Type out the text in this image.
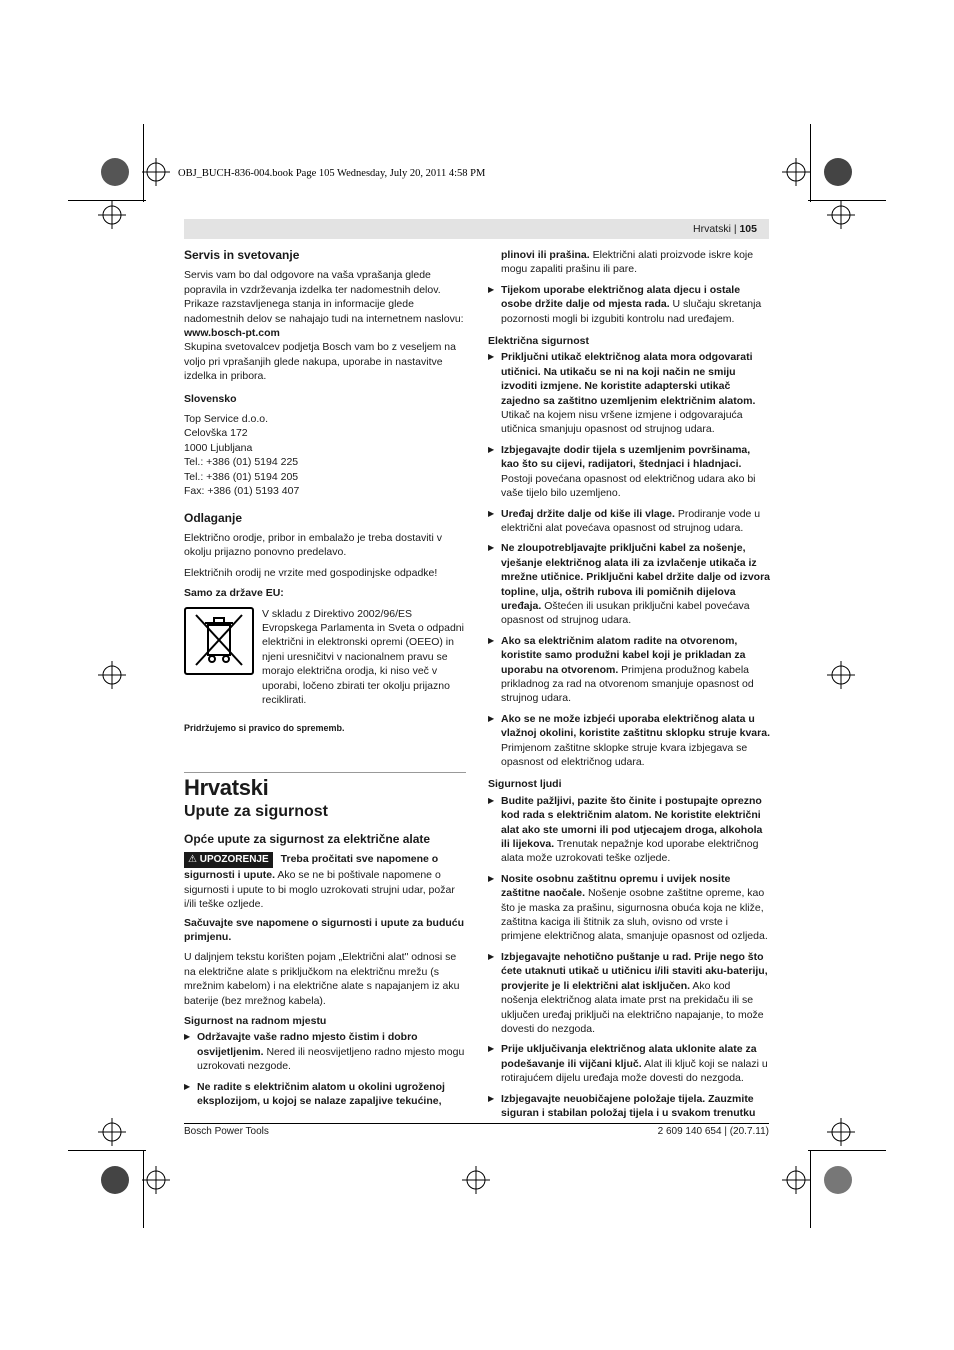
OBJ_BUCH-836-004.book Page 105 Wednesday, July 20, 2011 4:58 PM
Hrvatski | 105
Servis in svetovanje

Servis vam bo dal odgovore na vaša vprašanja glede popravila in vzdrževanja izdelka ter nadomestnih delov. Prikaze razstavljenega stanja in informacije glede nadomestnih delov se nahajajo tudi na internetnem naslovu:
www.bosch-pt.com
Skupina svetovalcev podjetja Bosch vam bo z veseljem na voljo pri vprašanjih glede nakupa, uporabe in nastavitve izdelka in pribora.

Slovensko

Top Service d.o.o.
Celovška 172
1000 Ljubljana
Tel.: +386 (01) 5194 225
Tel.: +386 (01) 5194 205
Fax: +386 (01) 5193 407

Odlaganje

Električno orodje, pribor in embalažo je treba dostaviti v okolju prijazno ponovno predelavo.

Električnih orodij ne vrzite med gospodinjske odpadke!

Samo za države EU:

V skladu z Direktivo 2002/96/ES Evropskega Parlamenta in Sveta o odpadni električni in elektronski opremi (OEEO) in njeni uresničitvi v nacionalnem pravu se morajo električna orodja, ki niso več v uporabi, ločeno zbirati ter okolju prijazno reciklirati.

Pridržujemo si pravico do sprememb.

Hrvatski
Upute za sigurnost
Opće upute za sigurnost za električne alate

⚠ UPOZORENJE Treba pročitati sve napomene o sigurnosti i upute. Ako se ne bi poštivale napomene o sigurnosti i upute to bi moglo uzrokovati strujni udar, požar i/ili teške ozljede.

Sačuvajte sve napomene o sigurnosti i upute za buduću primjenu.

U daljnjem tekstu korišten pojam „Električni alat" odnosi se na električne alate s priključkom na električnu mrežu (s mrežnim kabelom) i na električne alate s napajanjem iz aku baterije (bez mrežnog kabela).

Sigurnost na radnom mjestu
▶ Održavajte vaše radno mjesto čistim i dobro osvijetljenim. Nered ili neosvijetljeno radno mjesto mogu uzrokovati nezgode.
▶ Ne radite s električnim alatom u okolini ugroženoj eksplozijom, u kojoj se nalaze zapaljive tekućine,

plinovi ili prašina. Električni alati proizvode iskre koje mogu zapaliti prašinu ili pare.

▶ Tijekom uporabe električnog alata djecu i ostale osobe držite dalje od mjesta rada. U slučaju skretanja pozornosti mogli bi izgubiti kontrolu nad uređajem.
Električna sigurnost
▶ Priključni utikač električnog alata mora odgovarati utičnici. Na utikaču se ni na koji način ne smiju izvoditi izmjene. Ne koristite adapterski utikač zajedno sa zaštitno uzemljenim električnim alatom. Utikač na kojem nisu vršene izmjene i odgovarajuća utičnica smanjuju opasnost od strujnog udara.
▶ Izbjegavajte dodir tijela s uzemljenim površinama, kao što su cijevi, radijatori, štednjaci i hladnjaci. Postoji povećana opasnost od električnog udara ako bi vaše tijelo bilo uzemljeno.
▶ Uređaj držite dalje od kiše ili vlage. Prodiranje vode u električni alat povećava opasnost od strujnog udara.
▶ Ne zloupotrebljavajte priključni kabel za nošenje, vješanje električnog alata ili za izvlačenje utikača iz mrežne utičnice. Priključni kabel držite dalje od izvora topline, ulja, oštrih rubova ili pomičnih dijelova uređaja. Oštećen ili usukan priključni kabel povećava opasnost od strujnog udara.
▶ Ako sa električnim alatom radite na otvorenom, koristite samo produžni kabel koji je prikladan za uporabu na otvorenom. Primjena produžnog kabela prikladnog za rad na otvorenom smanjuje opasnost od strujnog udara.
▶ Ako se ne može izbjeći uporaba električnog alata u vlažnoj okolini, koristite zaštitnu sklopku struje kvara. Primjenom zaštitne sklopke struje kvara izbjegava se opasnost od električnog udara.
Sigurnost ljudi
▶ Budite pažljivi, pazite što činite i postupajte oprezno kod rada s električnim alatom. Ne koristite električni alat ako ste umorni ili pod utjecajem droga, alkohola ili lijekova. Trenutak nepažnje kod uporabe električnog alata može uzrokovati teške ozljede.
▶ Nosite osobnu zaštitnu opremu i uvijek nosite zaštitne naočale. Nošenje osobne zaštitne opreme, kao što je maska za prašinu, sigurnosna obuća koja ne kliže, zaštitna kaciga ili štitnik za sluh, ovisno od vrste i primjene električnog alata, smanjuje opasnost od ozljeda.
▶ Izbjegavajte nehotično puštanje u rad. Prije nego što ćete utaknuti utikač u utičnicu i/ili staviti aku-bateriju, provjerite je li električni alat isključen. Ako kod nošenja električnog alata imate prst na prekidaču ili se uključen uređaj priključi na električno napajanje, to može dovesti do nezgoda.
▶ Prije uključivanja električnog alata uklonite alate za podešavanje ili vijčani ključ. Alat ili ključ koji se nalazi u rotirajućem dijelu uređaja može dovesti do nezgoda.
▶ Izbjegavajte neuobičajene položaje tijela. Zauzmite siguran i stabilan položaj tijela i u svakom trenutku
Bosch Power Tools	2 609 140 654 | (20.7.11)
